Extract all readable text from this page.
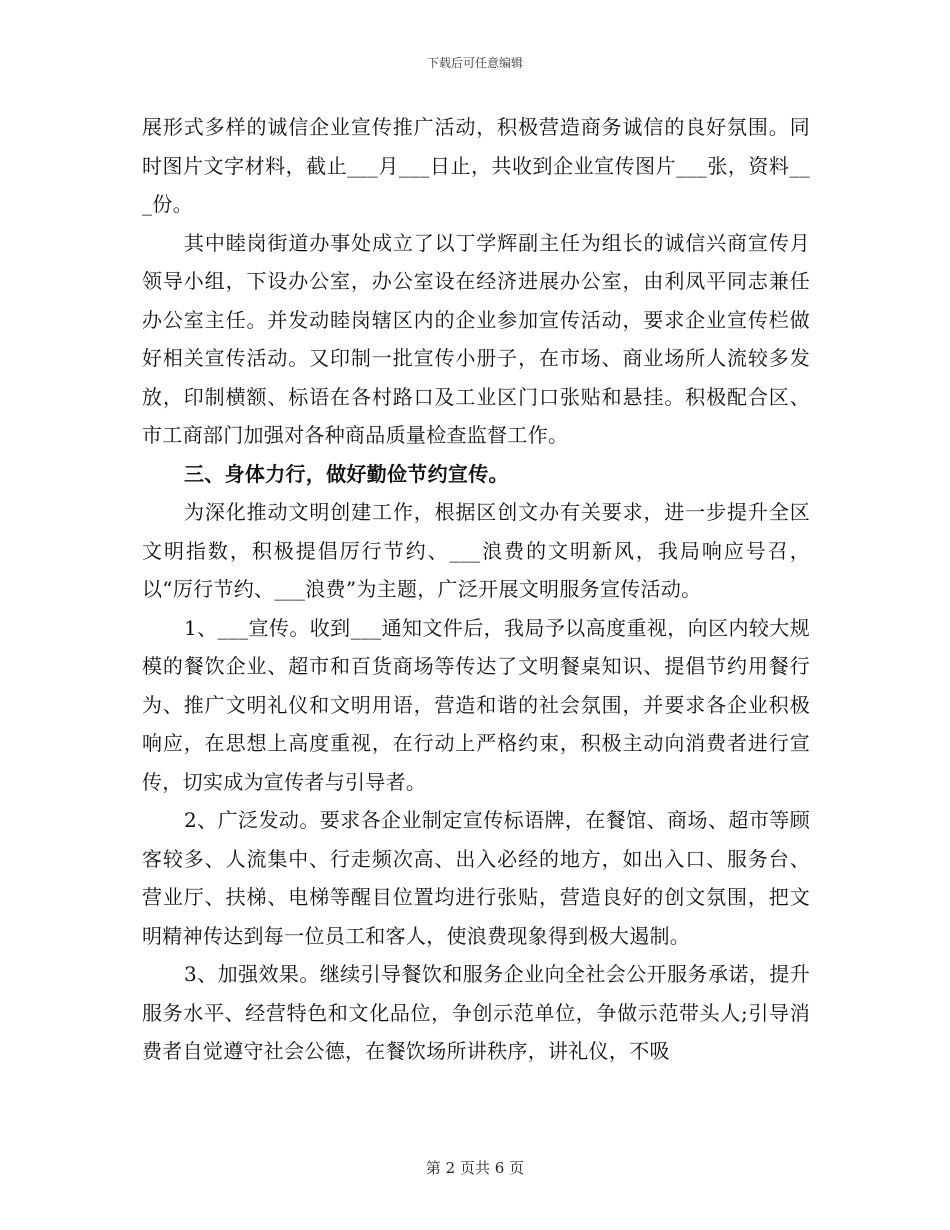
下载后可任意编辑

展形式多样的诚信企业宣传推广活动，积极营造商务诚信的良好氛围。同时图片文字材料，截止___月___日止，共收到企业宣传图片___张，资料___份。

其中睦岗街道办事处成立了以丁学辉副主任为组长的诚信兴商宣传月领导小组，下设办公室，办公室设在经济进展办公室，由利凤平同志兼任办公室主任。并发动睦岗辖区内的企业参加宣传活动，要求企业宣传栏做好相关宣传活动。又印制一批宣传小册子，在市场、商业场所人流较多发放，印制横额、标语在各村路口及工业区门口张贴和悬挂。积极配合区、市工商部门加强对各种商品质量检查监督工作。

三、身体力行，做好勤俭节约宣传。

为深化推动文明创建工作，根据区创文办有关要求，进一步提升全区文明指数，积极提倡厉行节约、___浪费的文明新风，我局响应号召，以“厉行节约、___浪费”为主题，广泛开展文明服务宣传活动。

1、___宣传。收到___通知文件后，我局予以高度重视，向区内较大规模的餐饮企业、超市和百货商场等传达了文明餐桌知识、提倡节约用餐行为、推广文明礼仪和文明用语，营造和谐的社会氛围，并要求各企业积极响应，在思想上高度重视，在行动上严格约束，积极主动向消费者进行宣传，切实成为宣传者与引导者。

2、广泛发动。要求各企业制定宣传标语牌，在餐馆、商场、超市等顾客较多、人流集中、行走频次高、出入必经的地方，如出入口、服务台、营业厅、扶梯、电梯等醒目位置均进行张贴，营造良好的创文氛围，把文明精神传达到每一位员工和客人，使浪费现象得到极大遏制。

3、加强效果。继续引导餐饮和服务企业向全社会公开服务承诺，提升服务水平、经营特色和文化品位，争创示范单位，争做示范带头人;引导消费者自觉遵守社会公德，在餐饮场所讲秩序，讲礼仪，不吸

第 2 页共 6 页
